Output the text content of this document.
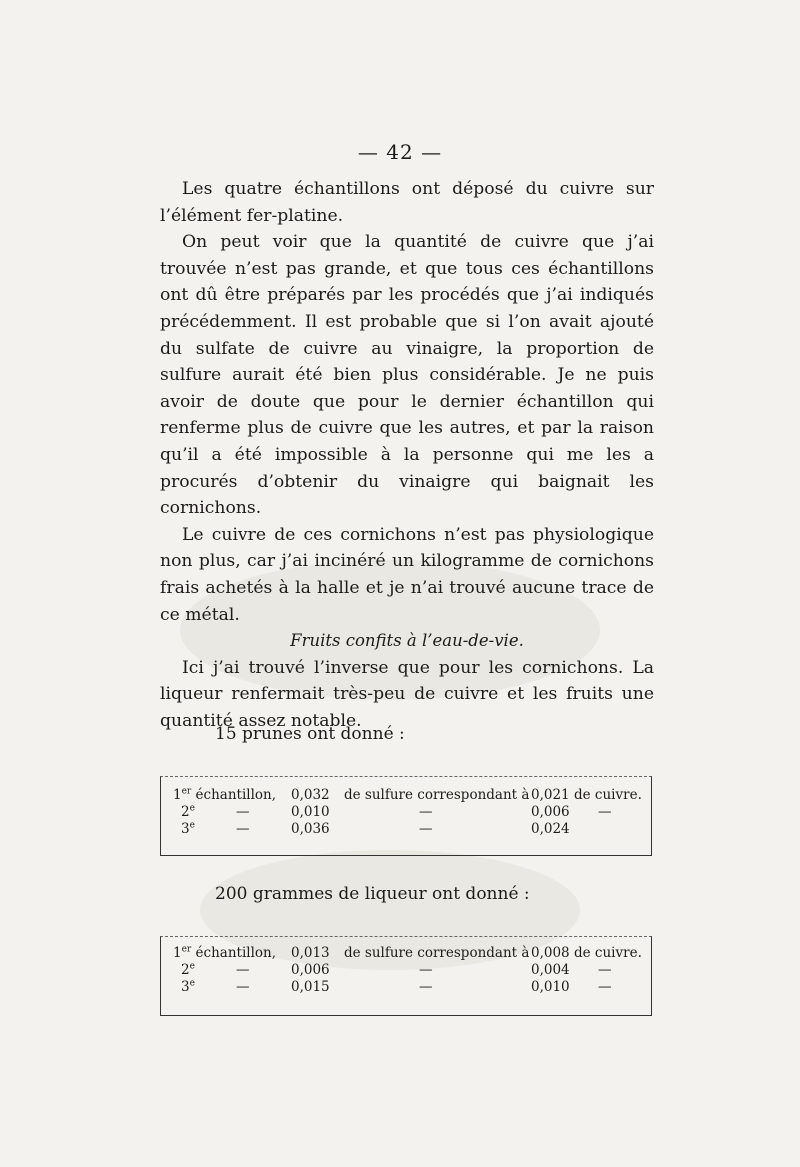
— 42 —

Les quatre échantillons ont déposé du cuivre sur l’élément fer-platine.

On peut voir que la quantité de cuivre que j’ai trouvée n’est pas grande, et que tous ces échantillons ont dû être préparés par les procédés que j’ai indiqués précédemment. Il est probable que si l’on avait ajouté du sulfate de cuivre au vinaigre, la proportion de sulfure aurait été bien plus considérable. Je ne puis avoir de doute que pour le dernier échantillon qui renferme plus de cuivre que les autres, et par la raison qu’il a été impossible à la personne qui me les a procurés d’obtenir du vinaigre qui baignait les cornichons.

Le cuivre de ces cornichons n’est pas physiologique non plus, car j’ai incinéré un kilogramme de cornichons frais achetés à la halle et je n’ai trouvé aucune trace de ce métal.

Fruits confits à l’eau-de-vie.

Ici j’ai trouvé l’inverse que pour les cornichons. La liqueur renfermait très-peu de cuivre et les fruits une quantité assez notable.

15 prunes ont donné :
1er échantillon, 0,032 de sulfure correspondant à 0,021 de cuivre.
2e	—	0,010	—	0,006 —
3e	—	0,036	—	0,024
200 grammes de liqueur ont donné :
1er échantillon, 0,013 de sulfure correspondant à 0,008 de cuivre.
2e	—	0,006	—	0,004 —
3e	—	0,015	—	0,010 —
